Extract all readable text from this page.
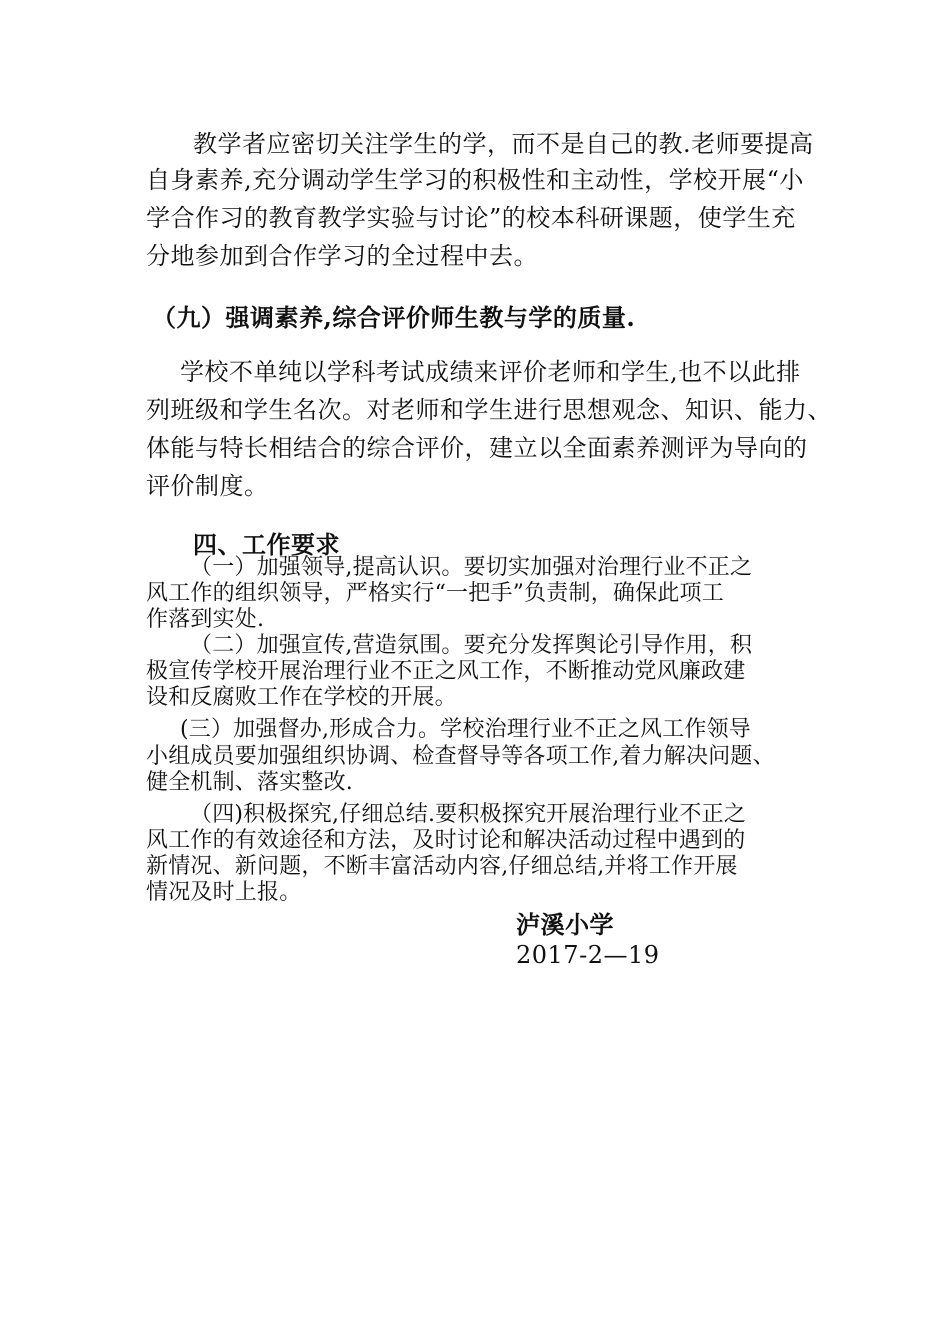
教学者应密切关注学生的学，而不是自己的教.老师要提高

自身素养,充分调动学生学习的积极性和主动性，学校开展“小

学合作习的教育教学实验与讨论”的校本科研课题，使学生充

分地参加到合作学习的全过程中去。

（九）强调素养,综合评价师生教与学的质量.

学校不单纯以学科考试成绩来评价老师和学生,也不以此排

列班级和学生名次。对老师和学生进行思想观念、知识、能力、

体能与特长相结合的综合评价，建立以全面素养测评为导向的

评价制度。

四、工作要求

（一）加强领导,提高认识。要切实加强对治理行业不正之

风工作的组织领导，严格实行“一把手”负责制，确保此项工

作落到实处.

（二）加强宣传,营造氛围。要充分发挥舆论引导作用，积

极宣传学校开展治理行业不正之风工作，不断推动党风廉政建

设和反腐败工作在学校的开展。

(三）加强督办,形成合力。学校治理行业不正之风工作领导

小组成员要加强组织协调、检查督导等各项工作,着力解决问题、

健全机制、落实整改.

（四)积极探究,仔细总结.要积极探究开展治理行业不正之

风工作的有效途径和方法，及时讨论和解决活动过程中遇到的

新情况、新问题，不断丰富活动内容,仔细总结,并将工作开展

情况及时上报。

泸溪小学

2017-2—19
